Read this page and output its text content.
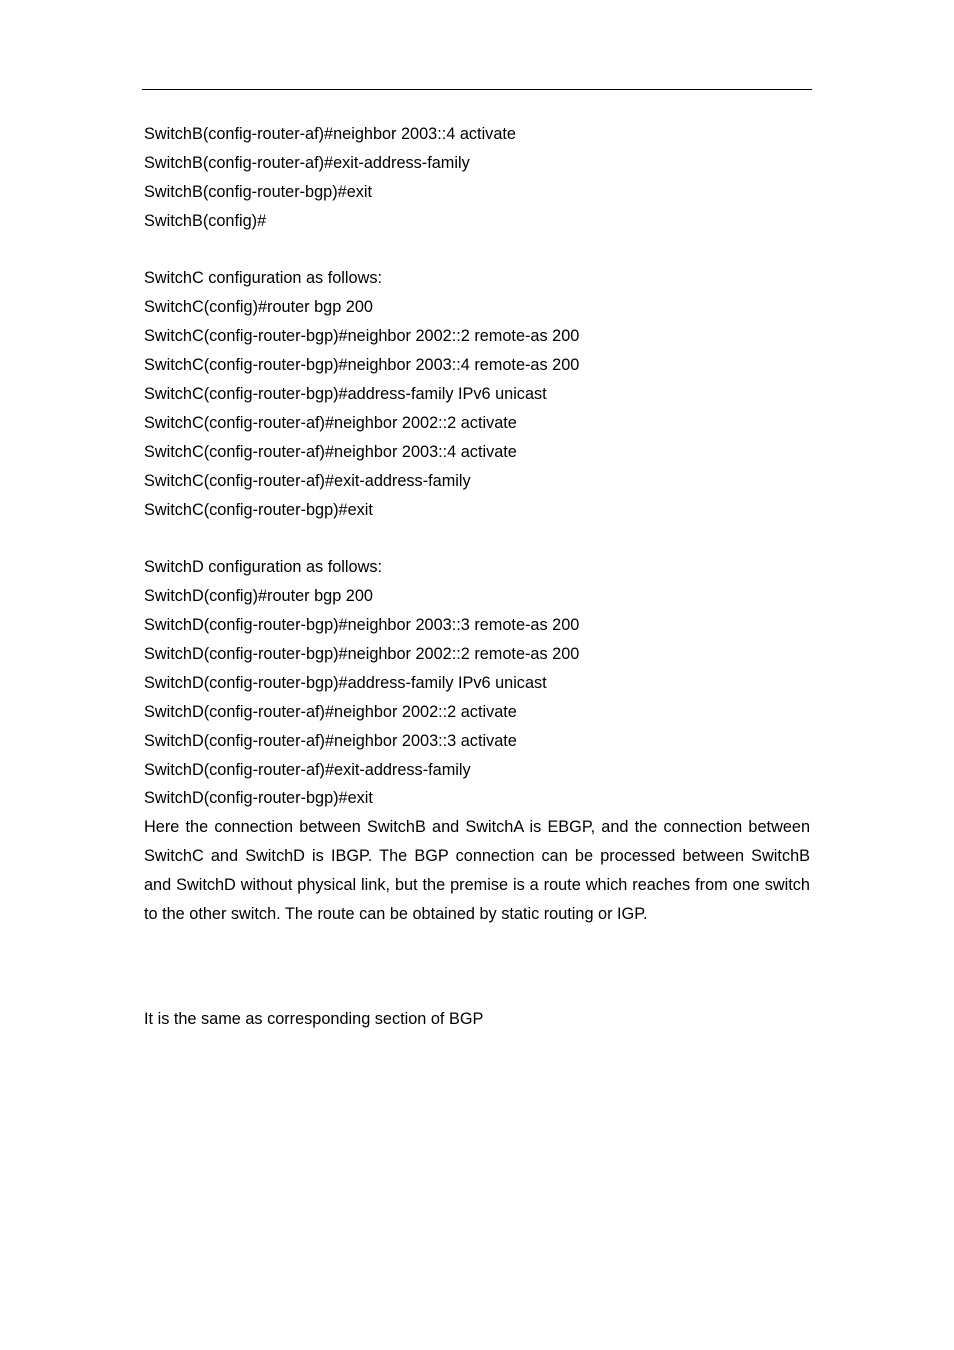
SwitchB(config-router-af)#neighbor 2003::4 activate
SwitchB(config-router-af)#exit-address-family
SwitchB(config-router-bgp)#exit
SwitchB(config)#
SwitchC configuration as follows:
SwitchC(config)#router bgp 200
SwitchC(config-router-bgp)#neighbor 2002::2 remote-as 200
SwitchC(config-router-bgp)#neighbor 2003::4 remote-as 200
SwitchC(config-router-bgp)#address-family IPv6 unicast
SwitchC(config-router-af)#neighbor 2002::2 activate
SwitchC(config-router-af)#neighbor 2003::4 activate
SwitchC(config-router-af)#exit-address-family
SwitchC(config-router-bgp)#exit
SwitchD configuration as follows:
SwitchD(config)#router bgp 200
SwitchD(config-router-bgp)#neighbor 2003::3 remote-as 200
SwitchD(config-router-bgp)#neighbor 2002::2 remote-as 200
SwitchD(config-router-bgp)#address-family IPv6 unicast
SwitchD(config-router-af)#neighbor 2002::2 activate
SwitchD(config-router-af)#neighbor 2003::3 activate
SwitchD(config-router-af)#exit-address-family
SwitchD(config-router-bgp)#exit

Here the connection between SwitchB and SwitchA is EBGP, and the connection between SwitchC and SwitchD is IBGP. The BGP connection can be processed between SwitchB and SwitchD without physical link, but the premise is a route which reaches from one switch to the other switch. The route can be obtained by static routing or IGP.

It is the same as corresponding section of BGP
